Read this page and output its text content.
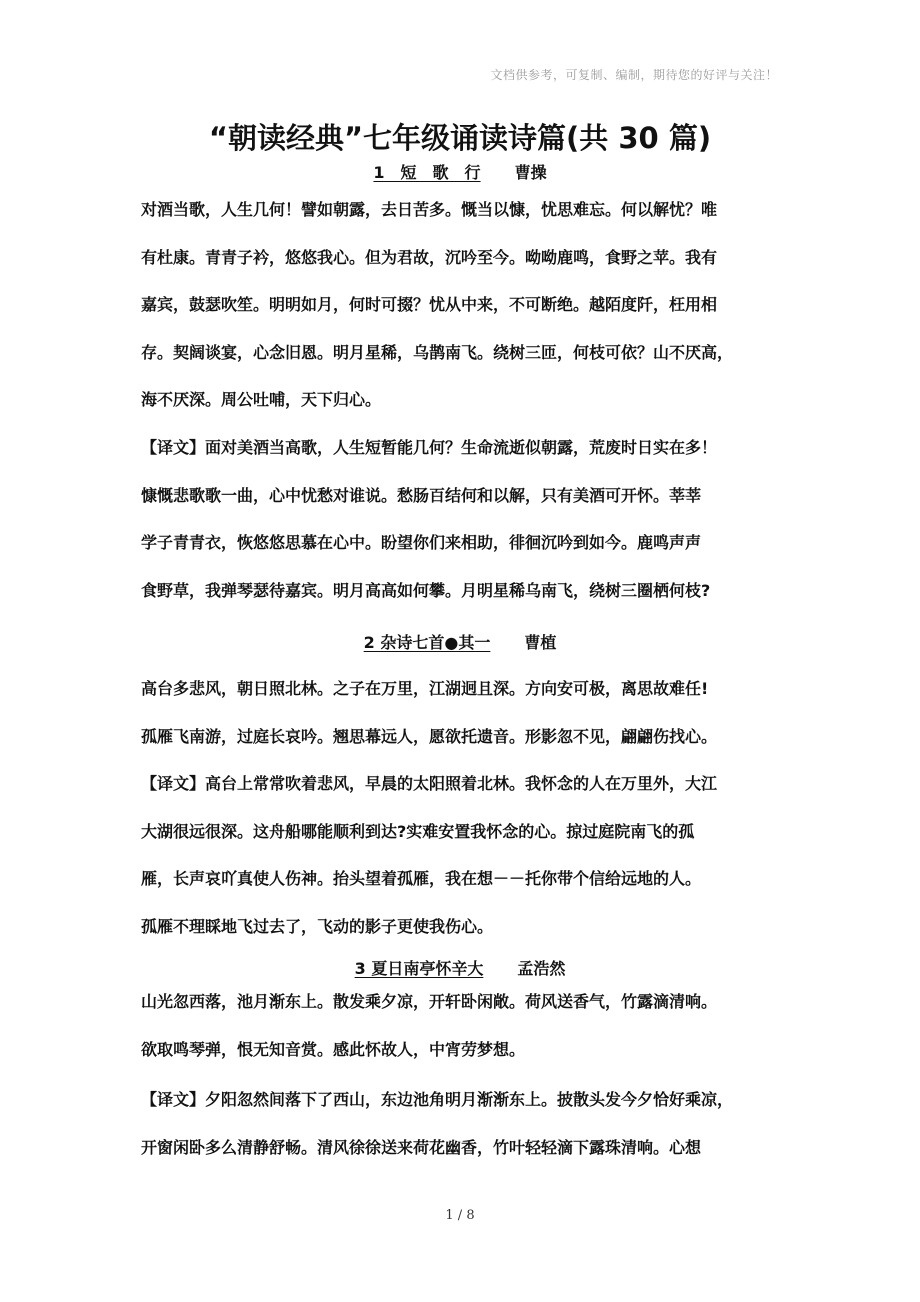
文档供参考，可复制、编制，期待您的好评与关注！
“朝读经典”七年级诵读诗篇(共 30 篇)
1　短　歌　行 曹操
对酒当歌，人生几何！譬如朝露，去日苦多。慨当以慷，忧思难忘。何以解忧？唯
有杜康。青青子衿，悠悠我心。但为君故，沉吟至今。呦呦鹿鸣，食野之苹。我有
嘉宾，鼓瑟吹笙。明明如月，何时可掇？忧从中来，不可断绝。越陌度阡，枉用相
存。契阔谈宴，心念旧恩。明月星稀，乌鹊南飞。绕树三匝，何枝可依？山不厌高，
海不厌深。周公吐哺，天下归心。
【译文】面对美酒当高歌，人生短暂能几何？生命流逝似朝露，荒废时日实在多！
慷慨悲歌歌一曲，心中忧愁对谁说。愁肠百结何和以解，只有美酒可开怀。莘莘
学子青青衣，恢悠悠思慕在心中。盼望你们来相助，徘徊沉吟到如今。鹿鸣声声
食野草，我弹琴瑟待嘉宾。明月高高如何攀。月明星稀乌南飞，绕树三圈栖何枝?
2 杂诗七首●其一 曹植
高台多悲风，朝日照北林。之子在万里，江湖迥且深。方向安可极，离思故难任!
孤雁飞南游，过庭长哀吟。翘思幕远人，愿欲托遗音。形影忽不见，翩翩伤找心。
【译文】高台上常常吹着悲风，早晨的太阳照着北林。我怀念的人在万里外，大江
大湖很远很深。这舟船哪能顺利到达?实难安置我怀念的心。掠过庭院南飞的孤
雁，长声哀吖真使人伤神。抬头望着孤雁，我在想－－托你带个信给远地的人。
孤雁不理睬地飞过去了，飞动的影子更使我伤心。
3 夏日南亭怀辛大 孟浩然
山光忽西落，池月渐东上。散发乘夕凉，开轩卧闲敞。荷风送香气，竹露滴清响。
欲取鸣琴弹，恨无知音赏。感此怀故人，中宵劳梦想。
【译文】夕阳忽然间落下了西山，东边池角明月渐渐东上。披散头发今夕恰好乘凉，
开窗闲卧多么清静舒畅。清风徐徐送来荷花幽香，竹叶轻轻滴下露珠清响。心想
1 / 8
